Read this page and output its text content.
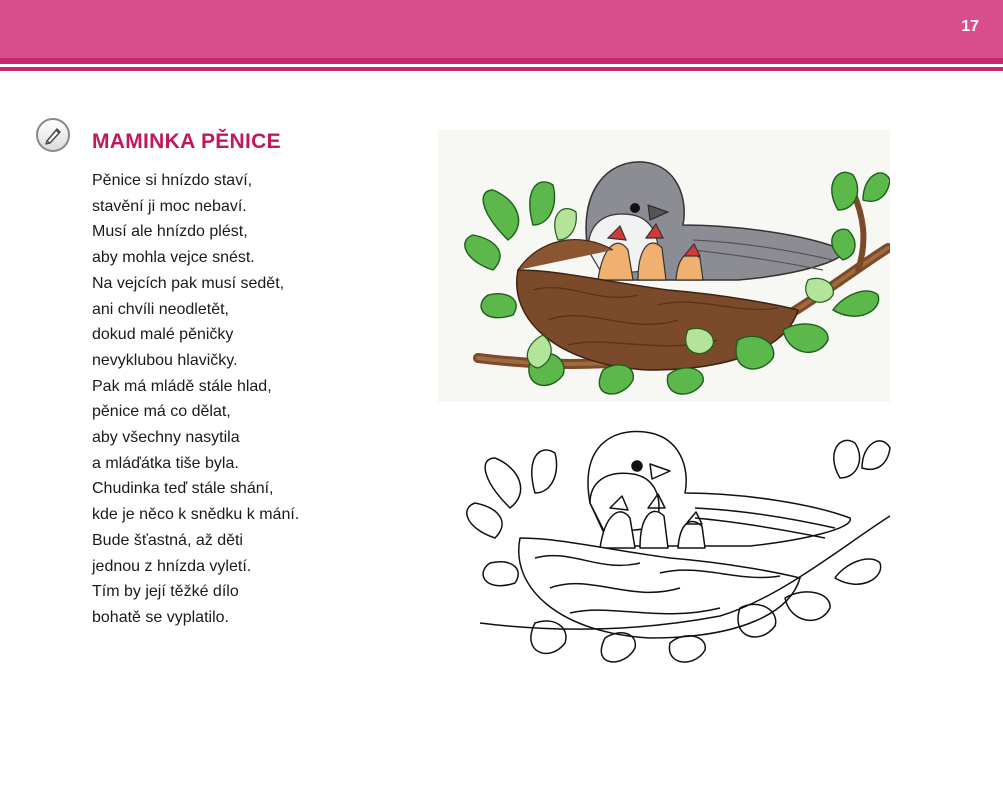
17
MAMINKA PĚNICE
Pěnice si hnízdo staví,
stavění ji moc nebaví.
Musí ale hnízdo plést,
aby mohla vejce snést.
Na vejcích pak musí sedět,
ani chvíli neodletět,
dokud malé pěničky
nevyklubou hlavičky.
Pak má mládě stále hlad,
pěnice má co dělat,
aby všechny nasytila
a mláďátka tiše byla.
Chudinka teď stále shání,
kde je něco k snědku k mání.
Bude šťastná, až děti
jednou z hnízda vyletí.
Tím by její těžké dílo
bohatě se vyplatilo.
